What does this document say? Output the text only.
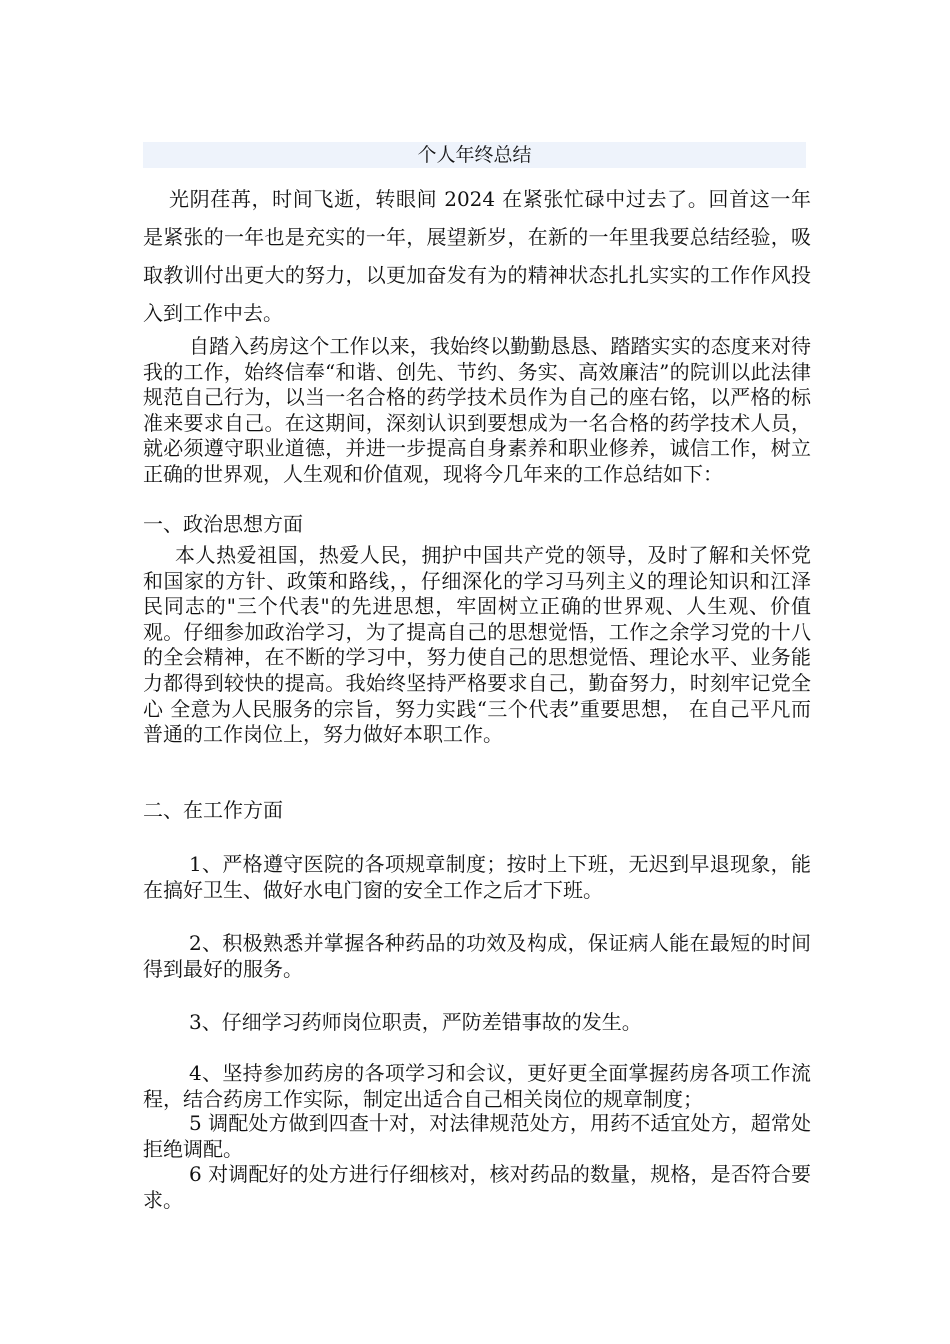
个人年终总结

光阴荏苒，时间飞逝，转眼间 2024 在紧张忙碌中过去了。回首这一年是紧张的一年也是充实的一年，展望新岁，在新的一年里我要总结经验，吸取教训付出更大的努力，以更加奋发有为的精神状态扎扎实实的工作作风投入到工作中去。

自踏入药房这个工作以来，我始终以勤勤恳恳、踏踏实实的态度来对待我的工作，始终信奉“和谐、创先、节约、务实、高效廉洁”的院训以此法律规范自己行为，以当一名合格的药学技术员作为自己的座右铭，以严格的标准来要求自己。在这期间，深刻认识到要想成为一名合格的药学技术人员，就必须遵守职业道德，并进一步提高自身素养和职业修养，诚信工作，树立正确的世界观，人生观和价值观，现将今几年来的工作总结如下：

一、政治思想方面

本人热爱祖国，热爱人民，拥护中国共产党的领导，及时了解和关怀党和国家的方针、政策和路线，，仔细深化的学习马列主义的理论知识和江泽民同志的"三个代表"的先进思想，牢固树立正确的世界观、人生观、价值观。仔细参加政治学习，为了提高自己的思想觉悟，工作之余学习党的十八的全会精神，在不断的学习中，努力使自己的思想觉悟、理论水平、业务能力都得到较快的提高。我始终坚持严格要求自己，勤奋努力，时刻牢记党全心 全意为人民服务的宗旨，努力实践“三个代表”重要思想， 在自己平凡而普通的工作岗位上，努力做好本职工作。

二、在工作方面

1、严格遵守医院的各项规章制度；按时上下班，无迟到早退现象，能在搞好卫生、做好水电门窗的安全工作之后才下班。

2、积极熟悉并掌握各种药品的功效及构成，保证病人能在最短的时间得到最好的服务。

3、仔细学习药师岗位职责，严防差错事故的发生。

4、坚持参加药房的各项学习和会议，更好更全面掌握药房各项工作流程，结合药房工作实际，制定出适合自己相关岗位的规章制度；

5 调配处方做到四查十对，对法律规范处方，用药不适宜处方，超常处拒绝调配。

6 对调配好的处方进行仔细核对，核对药品的数量，规格，是否符合要求。
